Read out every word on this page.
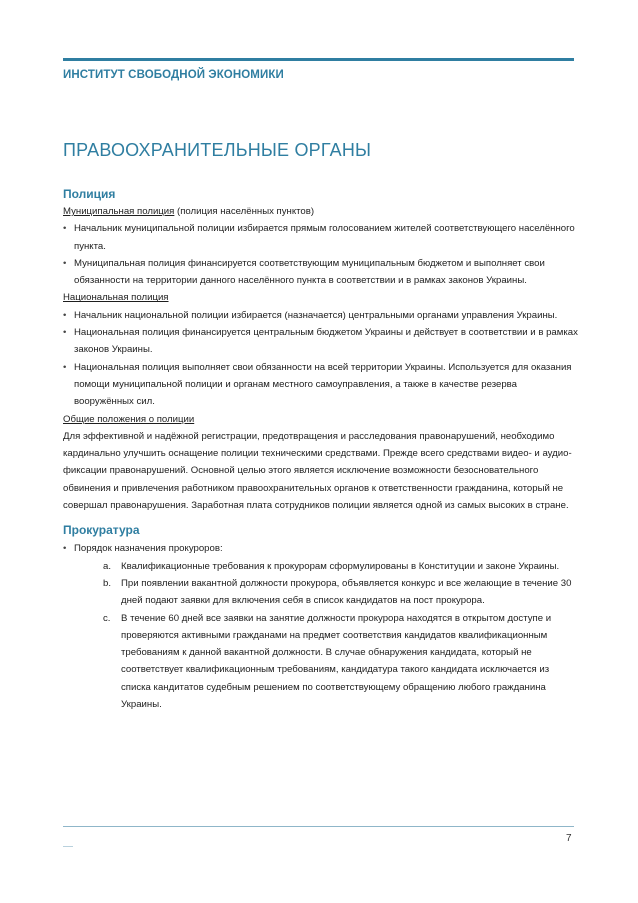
ИНСТИТУТ СВОБОДНОЙ ЭКОНОМИКИ
ПРАВООХРАНИТЕЛЬНЫЕ ОРГАНЫ
Полиция

Муниципальная полиция (полиция населённых пунктов)

• Начальник муниципальной полиции избирается прямым голосованием жителей соответствующего населённого пункта.
• Муниципальная полиция финансируется соответствующим муниципальным бюджетом и выполняет свои обязанности на территории данного населённого пункта в соответствии и в рамках законов Украины.

Национальная полиция

• Начальник национальной полиции избирается (назначается) центральными органами управления Украины.
• Национальная полиция финансируется центральным бюджетом Украины и действует в соответствии и в рамках законов Украины.
• Национальная полиция выполняет свои обязанности на всей территории Украины. Используется для оказания помощи муниципальной полиции и органам местного самоуправления, а также в качестве резерва вооружённых сил.

Общие положения о полиции

Для эффективной и надёжной регистрации, предотвращения и расследования правонарушений, необходимо кардинально улучшить оснащение полиции техническими средствами. Прежде всего средствами видео- и аудио-фиксации правонарушений. Основной целью этого является исключение возможности безосновательного обвинения и привлечения работником правоохранительных органов к ответственности гражданина, который не совершал правонарушения. Заработная плата сотрудников полиции является одной из самых высоких в стране.

Прокуратура
• Порядок назначения прокуроров:
a. Квалификационные требования к прокурорам сформулированы в Конституции и законе Украины.
b. При появлении вакантной должности прокурора, объявляется конкурс и все желающие в течение 30 дней подают заявки для включения себя в список кандидатов на пост прокурора.
c. В течение 60 дней все заявки на занятие должности прокурора находятся в открытом доступе и проверяются активными гражданами на предмет соответствия кандидатов квалификационным требованиям к данной вакантной должности. В случае обнаружения кандидата, который не соответствует квалификационным требованиям, кандидатура такого кандидата исключается из списка кандитатов судебным решением по соответствующему обращению любого гражданина Украины.
7
